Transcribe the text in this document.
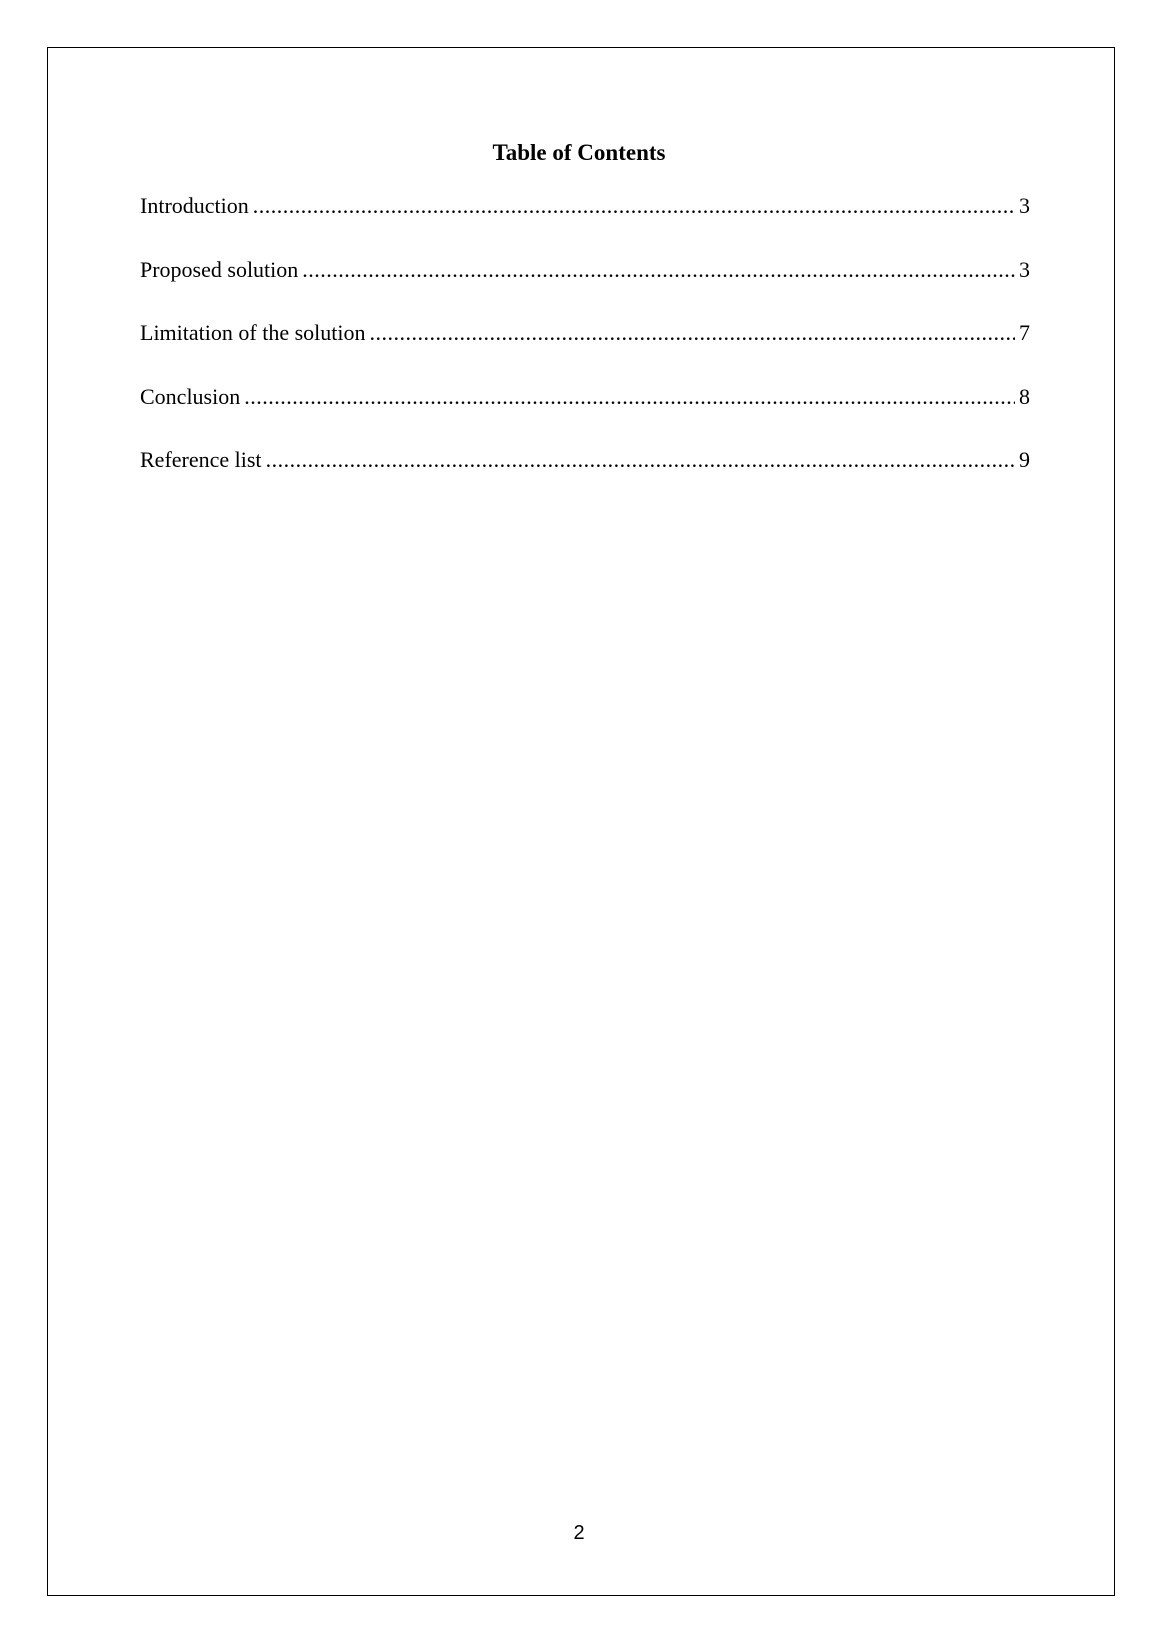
Table of Contents
Introduction .....	3
Proposed solution .....	3
Limitation of the solution .....	7
Conclusion .....	8
Reference list .....	9
2
